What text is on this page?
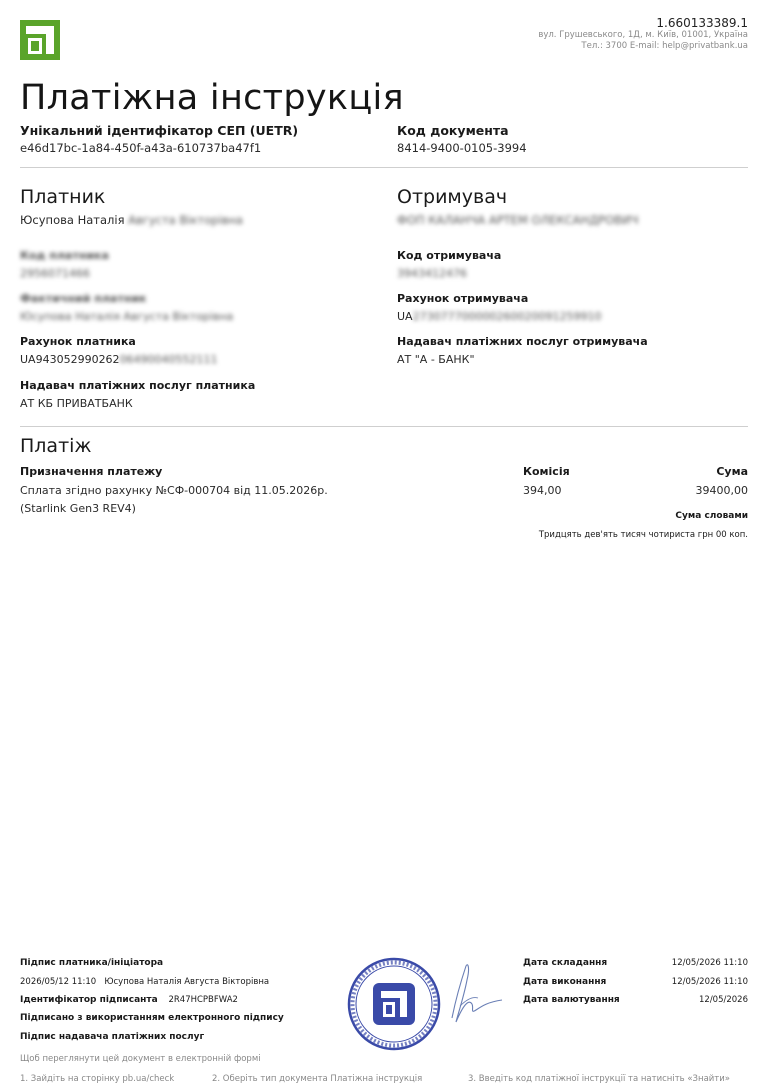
1.660133389.1
вул. Грушевського, 1Д, м. Київ, 01001, Україна
Тел.: 3700 E-mail: help@privatbank.ua
Платіжна інструкція
Унікальний ідентифікатор СЕП (UETR)
e46d17bc-1a84-450f-a43a-610737ba47f1
Код документа
8414-9400-0105-3994
Платник
Юсупова Наталія Августа Вікторівна
Код платника
2956071466
Фактичний платник
Юсупова Наталія Августа Вікторівна
Рахунок платника
UA94305299026206490040552111
Надавач платіжних послуг платника
АТ КБ ПРИВАТБАНК
Отримувач
ФОП КАЛАНЧА АРТЕМ ОЛЕКСАНДРОВИЧ
Код отримувача
3943412476
Рахунок отримувача
UA273077700000260020091259910
Надавач платіжних послуг отримувача
АТ "А - БАНК"
Платіж
Призначення платежу
Сплата згідно рахунку №СФ-000704 від 11.05.2026р.
(Starlink Gen3 REV4)
Комісія
394,00
Сума
39400,00
Сума словами
Тридцять дев'ять тисяч чотириста грн 00 коп.
Підпис платника/ініціатора
2026/05/12 11:10 Юсупова Наталія Августа Вікторівна
Ідентифікатор підписанта 2R47HCPBFWA2
Підписано з використанням електронного підпису
Підпис надавача платіжних послуг
Щоб переглянути цей документ в електронній формі
1. Зайдіть на сторінку pb.ua/check	2. Оберіть тип документа Платіжна інструкція	3. Введіть код платіжної інструкції та натисніть «Знайти»
Дата складання	12/05/2026 11:10
Дата виконання	12/05/2026 11:10
Дата валютування	12/05/2026
